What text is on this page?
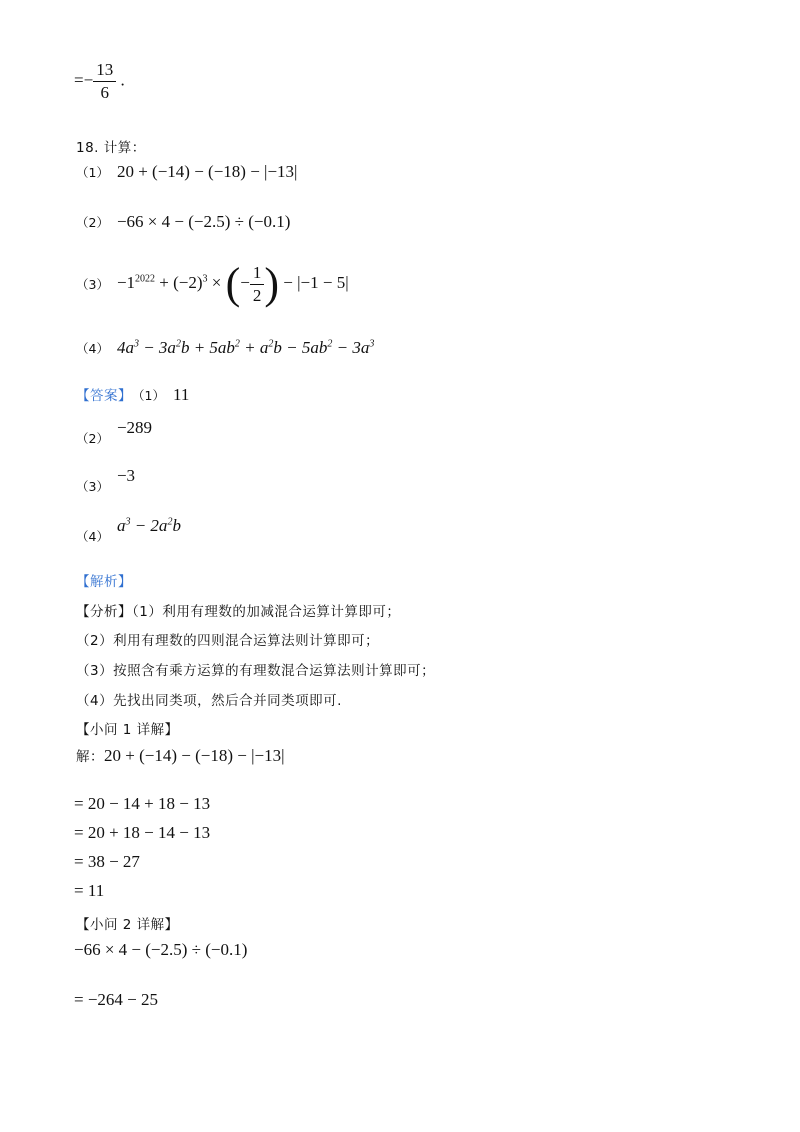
=− $\frac{13}{6}$ .
18. 计算：
（1） 20 + (−14) − (−18) − |−13|
（2） −66 × 4 − (−2.5) ÷ (−0.1)
$(3) -1^{2022} + (-2)^3$ × (− $\frac{1}{2}$ ) − |−1 − 5|
（4） $4a^3 - 3a^2b + 5ab^2 + a^2b - 5ab^2 - 3a^3$
【答案】（1） 11
（2）−289
（3）−3
$(4)a^3 - 2a^2b$
【解析】
【分析】（1）利用有理数的加减混合运算计算即可；
（2）利用有理数的四则混合运算法则计算即可；
（3）按照含有乘方运算的有理数混合运算法则计算即可；
（4）先找出同类项，然后合并同类项即可.
【小问 1 详解】
解：20 + (−14) − (−18) − |−13|
= 20 − 14 + 18 − 13
= 20 + 18 − 14 − 13
= 38 − 27
= 11
【小问 2 详解】
−66 × 4 − (−2.5) ÷ (−0.1)
= −264 − 25
